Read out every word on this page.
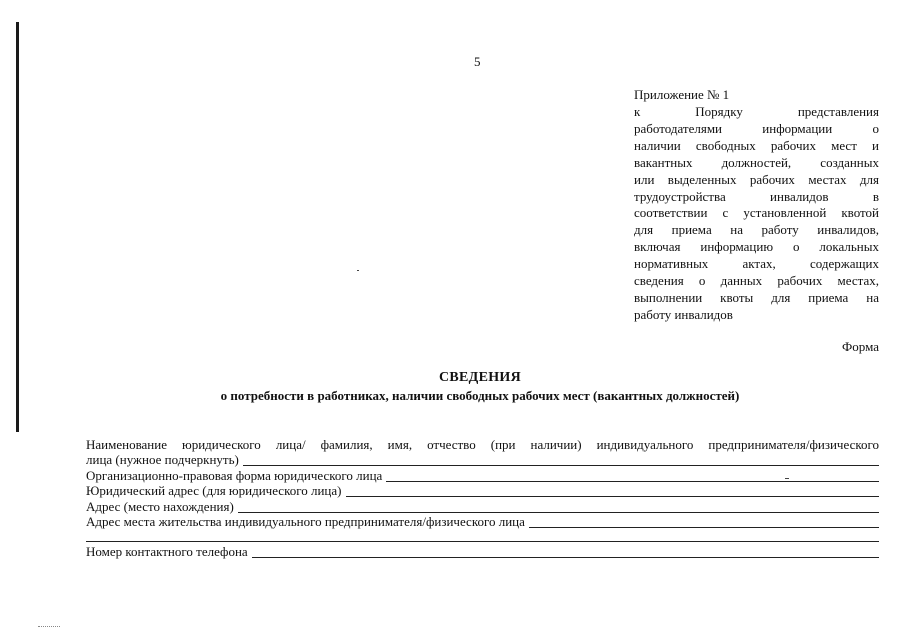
5
Приложение № 1
к Порядку представления
работодателями информации о
наличии свободных рабочих мест и
вакантных должностей, созданных
или выделенных рабочих местах для
трудоустройства инвалидов в
соответствии с установленной квотой
для приема на работу инвалидов,
включая информацию о локальных
нормативных актах, содержащих
сведения о данных рабочих местах,
выполнении квоты для приема на
работу инвалидов
Форма
СВЕДЕНИЯ
о потребности в работниках, наличии свободных рабочих мест (вакантных должностей)
Наименование юридического лица/ фамилия, имя, отчество (при наличии) индивидуального предпринимателя/физического
лица (нужное подчеркнуть)
Организационно-правовая форма юридического лица
Юридический адрес (для юридического лица)
Адрес (место нахождения)
Адрес места жительства индивидуального предпринимателя/физического лица
Номер контактного телефона
